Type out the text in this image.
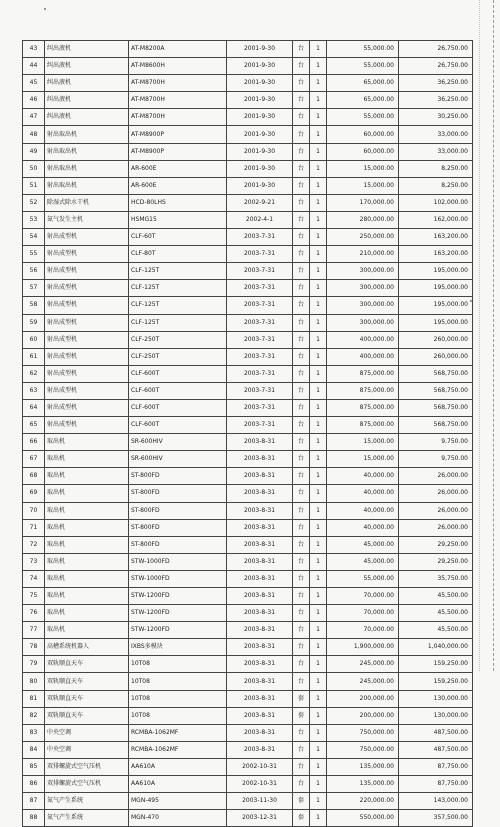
43	纠出液机	AT-M8200A	2001-9-30	台	1	55,000.00	26,750.00
44	纠出液机	AT-M8600H	2001-9-30	台	1	55,000.00	26,750.00
45	纠出液机	AT-M8700H	2001-9-30	台	1	65,000.00	36,250.00
46	纠出液机	AT-M8700H	2001-9-30	台	1	65,000.00	36,250.00
47	纠出液机	AT-M8700H	2001-9-30	台	1	55,000.00	30,250.00
48	射出取出机	AT-M8900P	2001-9-30	台	1	60,000.00	33,000.00
49	射出取出机	AT-M8900P	2001-9-30	台	1	60,000.00	33,000.00
50	射出取出机	AR-600E	2001-9-30	台	1	15,000.00	8,250.00
51	射出取出机	AR-600E	2001-9-30	台	1	15,000.00	8,250.00
52	除湿式除水干机	HCD-80LHS	2002-9-21	台	1	170,000.00	102,000.00
53	氮气发生主机	HSMG15	2002-4-1	台	1	280,000.00	162,000.00
54	射出成型机	CLF-60T	2003-7-31	台	1	250,000.00	163,200.00
55	射出成型机	CLF-80T	2003-7-31	台	1	210,000.00	163,200.00
56	射出成型机	CLF-125T	2003-7-31	台	1	300,000.00	195,000.00
57	射出成型机	CLF-125T	2003-7-31	台	1	300,000.00	195,000.00
58	射出成型机	CLF-125T	2003-7-31	台	1	300,000.00	195,000.00
59	射出成型机	CLF-125T	2003-7-31	台	1	300,000.00	195,000.00
60	射出成型机	CLF-250T	2003-7-31	台	1	400,000.00	260,000.00
61	射出成型机	CLF-250T	2003-7-31	台	1	400,000.00	260,000.00
62	射出成型机	CLF-600T	2003-7-31	台	1	875,000.00	568,750.00
63	射出成型机	CLF-600T	2003-7-31	台	1	875,000.00	568,750.00
64	射出成型机	CLF-600T	2003-7-31	台	1	875,000.00	568,750.00
65	射出成型机	CLF-600T	2003-7-31	台	1	875,000.00	568,750.00
66	取出机	SR-600HIV	2003-8-31	台	1	15,000.00	9,750.00
67	取出机	SR-600HIV	2003-8-31	台	1	15,000.00	9,750.00
68	取出机	ST-800FD	2003-8-31	台	1	40,000.00	26,000.00
69	取出机	ST-800FD	2003-8-31	台	1	40,000.00	26,000.00
70	取出机	ST-800FD	2003-8-31	台	1	40,000.00	26,000.00
71	取出机	ST-800FD	2003-8-31	台	1	40,000.00	26,000.00
72	取出机	ST-800FD	2003-8-31	台	1	45,000.00	29,250.00
73	取出机	STW-1000FD	2003-8-31	台	1	45,000.00	29,250.00
74	取出机	STW-1000FD	2003-8-31	台	1	55,000.00	35,750.00
75	取出机	STW-1200FD	2003-8-31	台	1	70,000.00	45,500.00
76	取出机	STW-1200FD	2003-8-31	台	1	70,000.00	45,500.00
77	取出机	STW-1200FD	2003-8-31	台	1	70,000.00	45,500.00
78	高槽系统机器人	IXBS多模块	2003-8-31	台	1	1,900,000.00	1,040,000.00
79	双轨顺直天车	10T08	2003-8-31	台	1	245,000.00	159,250.00
80	双轨顺直天车	10T08	2003-8-31	台	1	245,000.00	159,250.00
81	双轨顺直天车	10T08	2003-8-31	套	1	200,000.00	130,000.00
82	双轨顺直天车	10T08	2003-8-31	套	1	200,000.00	130,000.00
83	中央空调	RCMBA-1062MF	2003-8-31	台	1	750,000.00	487,500.00
84	中央空调	RCMBA-1062MF	2003-8-31	台	1	750,000.00	487,500.00
85	双排螺旋式空气压机	AA610A	2002-10-31	台	1	135,000.00	87,750.00
86	双排螺旋式空气压机	AA610A	2002-10-31	台	1	135,000.00	87,750.00
87	氮气产生系统	MGN-495	2003-11-30	套	1	220,000.00	143,000.00
88	氮气产生系统	MGN-470	2003-12-31	套	1	550,000.00	357,500.00
